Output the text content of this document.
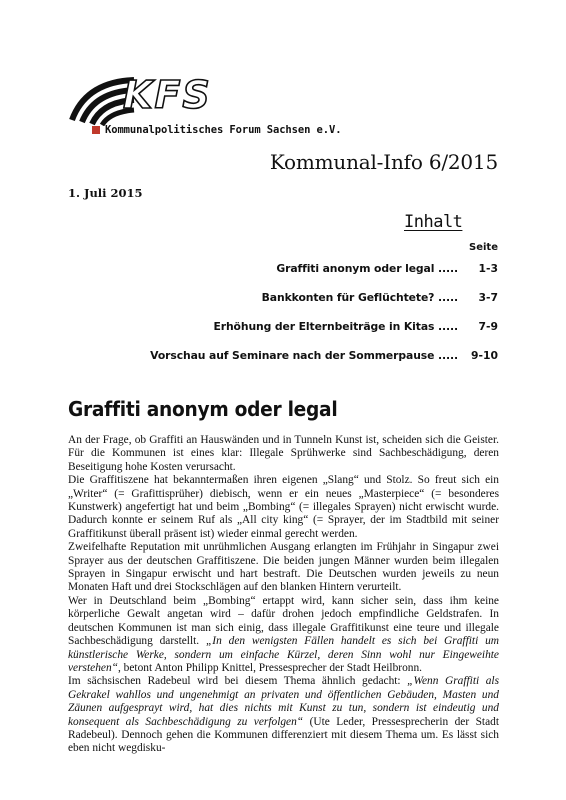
KFS
Kommunalpolitisches Forum Sachsen e.V.
Kommunal-Info 6/2015
1. Juli 2015
Inhalt
Seite
Graffiti anonym oder legal .....	1-3
Bankkonten für Geflüchtete? .....	3-7
Erhöhung der Elternbeiträge in Kitas .....	7-9
Vorschau auf Seminare nach der Sommerpause .....	9-10
Graffiti anonym oder legal

An der Frage, ob Graffiti an Hauswänden und in Tunneln Kunst ist, scheiden sich die Geister. Für die Kommunen ist eines klar: Illegale Sprühwerke sind Sachbeschädigung, deren Beseitigung hohe Kosten verursacht.

Die Graffitiszene hat bekanntermaßen ihren eigenen „Slang“ und Stolz. So freut sich ein „Writer“ (= Grafittisprüher) diebisch, wenn er ein neues „Masterpiece“ (= besonderes Kunstwerk) angefertigt hat und beim „Bombing“ (= illegales Sprayen) nicht erwischt wurde. Dadurch konnte er seinem Ruf als „All city king“ (= Sprayer, der im Stadtbild mit seiner Graffitikunst überall präsent ist) wieder einmal gerecht werden.

Zweifelhafte Reputation mit unrühmlichen Ausgang erlangten im Frühjahr in Singapur zwei Sprayer aus der deutschen Graffitiszene. Die beiden jungen Männer wurden beim illegalen Sprayen in Singapur erwischt und hart bestraft. Die Deutschen wurden jeweils zu neun Monaten Haft und drei Stockschlägen auf den blanken Hintern verurteilt.

Wer in Deutschland beim „Bombing“ ertappt wird, kann sicher sein, dass ihm keine körperliche Gewalt angetan wird – dafür drohen jedoch empfindliche Geldstrafen. In deutschen Kommunen ist man sich einig, dass illegale Graffitikunst eine teure und illegale Sachbeschädigung darstellt. „In den wenigsten Fällen handelt es sich bei Graffiti um künstlerische Werke, sondern um einfache Kürzel, deren Sinn wohl nur Eingeweihte verstehen“, betont Anton Philipp Knittel, Pressesprecher der Stadt Heilbronn.

Im sächsischen Radebeul wird bei diesem Thema ähnlich gedacht: „Wenn Graffiti als Gekrakel wahllos und ungenehmigt an privaten und öffentlichen Gebäuden, Masten und Zäunen aufgesprayt wird, hat dies nichts mit Kunst zu tun, sondern ist eindeutig und konsequent als Sachbeschädigung zu verfolgen“ (Ute Leder, Pressesprecherin der Stadt Radebeul). Dennoch gehen die Kommunen differenziert mit diesem Thema um. Es lässt sich eben nicht wegdisku-
